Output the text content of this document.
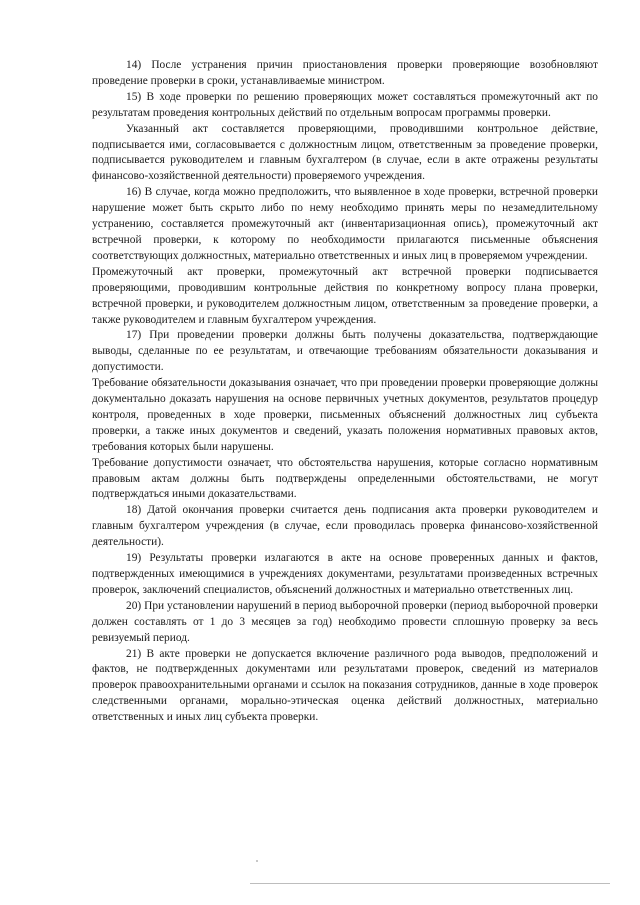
14) После устранения причин приостановления проверки проверяющие возобновляют проведение проверки в сроки, устанавливаемые министром.

15) В ходе проверки по решению проверяющих может составляться промежуточный акт по результатам проведения контрольных действий по отдельным вопросам программы проверки.

Указанный акт составляется проверяющими, проводившими контрольное действие, подписывается ими, согласовывается с должностным лицом, ответственным за проведение проверки, подписывается руководителем и главным бухгалтером (в случае, если в акте отражены результаты финансово-хозяйственной деятельности) проверяемого учреждения.

16) В случае, когда можно предположить, что выявленное в ходе проверки, встречной проверки нарушение может быть скрыто либо по нему необходимо принять меры по незамедлительному устранению, составляется промежуточный акт (инвентаризационная опись), промежуточный акт встречной проверки, к которому по необходимости прилагаются письменные объяснения соответствующих должностных, материально ответственных и иных лиц в проверяемом учреждении.

Промежуточный акт проверки, промежуточный акт встречной проверки подписывается проверяющими, проводившим контрольные действия по конкретному вопросу плана проверки, встречной проверки, и руководителем должностным лицом, ответственным за проведение проверки, а также руководителем и главным бухгалтером учреждения.

17) При проведении проверки должны быть получены доказательства, подтверждающие выводы, сделанные по ее результатам, и отвечающие требованиям обязательности доказывания и допустимости.

Требование обязательности доказывания означает, что при проведении проверки проверяющие должны документально доказать нарушения на основе первичных учетных документов, результатов процедур контроля, проведенных в ходе проверки, письменных объяснений должностных лиц субъекта проверки, а также иных документов и сведений, указать положения нормативных правовых актов, требования которых были нарушены.

Требование допустимости означает, что обстоятельства нарушения, которые согласно нормативным правовым актам должны быть подтверждены определенными обстоятельствами, не могут подтверждаться иными доказательствами.

18) Датой окончания проверки считается день подписания акта проверки руководителем и главным бухгалтером учреждения (в случае, если проводилась проверка финансово-хозяйственной деятельности).

19) Результаты проверки излагаются в акте на основе проверенных данных и фактов, подтвержденных имеющимися в учреждениях документами, результатами произведенных встречных проверок, заключений специалистов, объяснений должностных и материально ответственных лиц.

20) При установлении нарушений в период выборочной проверки (период выборочной проверки должен составлять от 1 до 3 месяцев за год) необходимо провести сплошную проверку за весь ревизуемый период.

21) В акте проверки не допускается включение различного рода выводов, предположений и фактов, не подтвержденных документами или результатами проверок, сведений из материалов проверок правоохранительными органами и ссылок на показания сотрудников, данные в ходе проверок следственными органами, морально-этическая оценка действий должностных, материально ответственных и иных лиц субъекта проверки.
